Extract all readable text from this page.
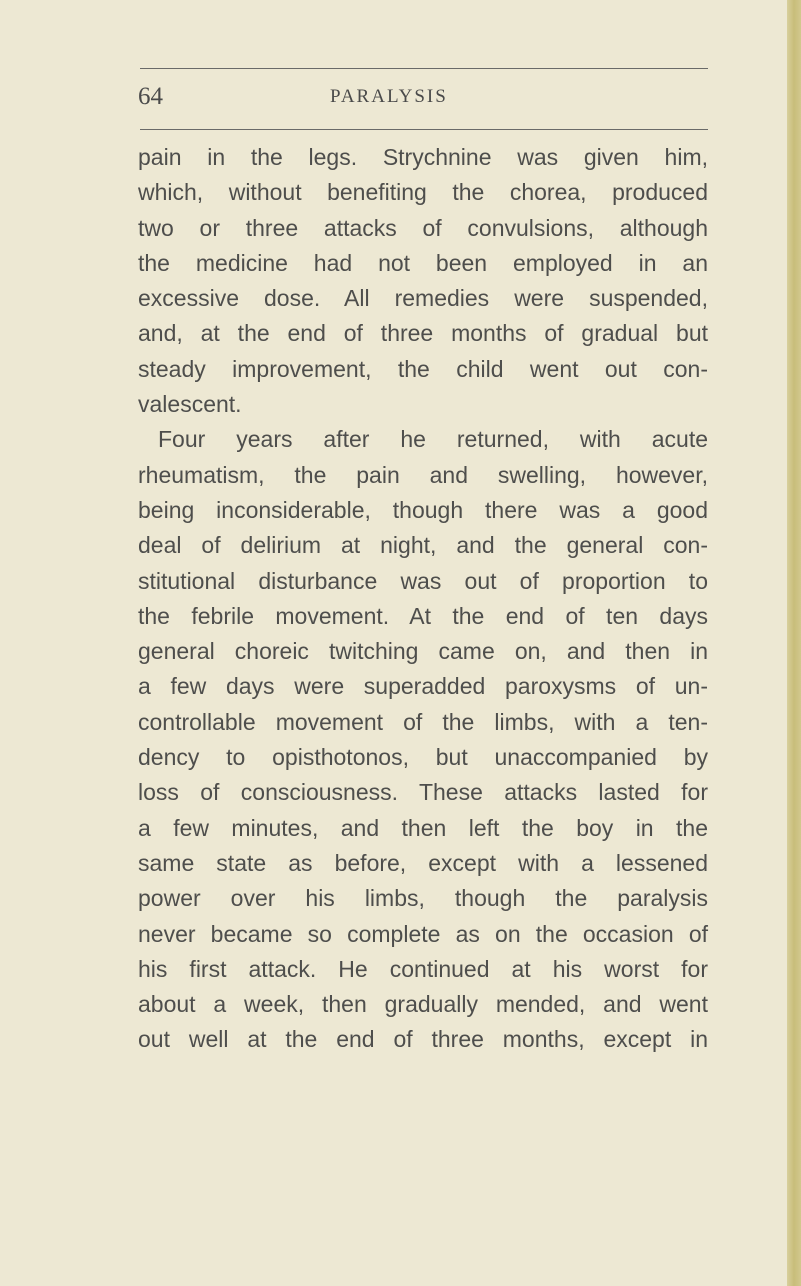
64	PARALYSIS
pain in the legs. Strychnine was given him,
which, without benefiting the chorea, produced
two or three attacks of convulsions, although
the medicine had not been employed in an
excessive dose. All remedies were suspended,
and, at the end of three months of gradual but
steady improvement, the child went out con-
valescent.
Four years after he returned, with acute
rheumatism, the pain and swelling, however,
being inconsiderable, though there was a good
deal of delirium at night, and the general con-
stitutional disturbance was out of proportion to
the febrile movement. At the end of ten days
general choreic twitching came on, and then in
a few days were superadded paroxysms of un-
controllable movement of the limbs, with a ten-
dency to opisthotonos, but unaccompanied by
loss of consciousness. These attacks lasted for
a few minutes, and then left the boy in the
same state as before, except with a lessened
power over his limbs, though the paralysis
never became so complete as on the occasion of
his first attack. He continued at his worst for
about a week, then gradually mended, and went
out well at the end of three months, except in
